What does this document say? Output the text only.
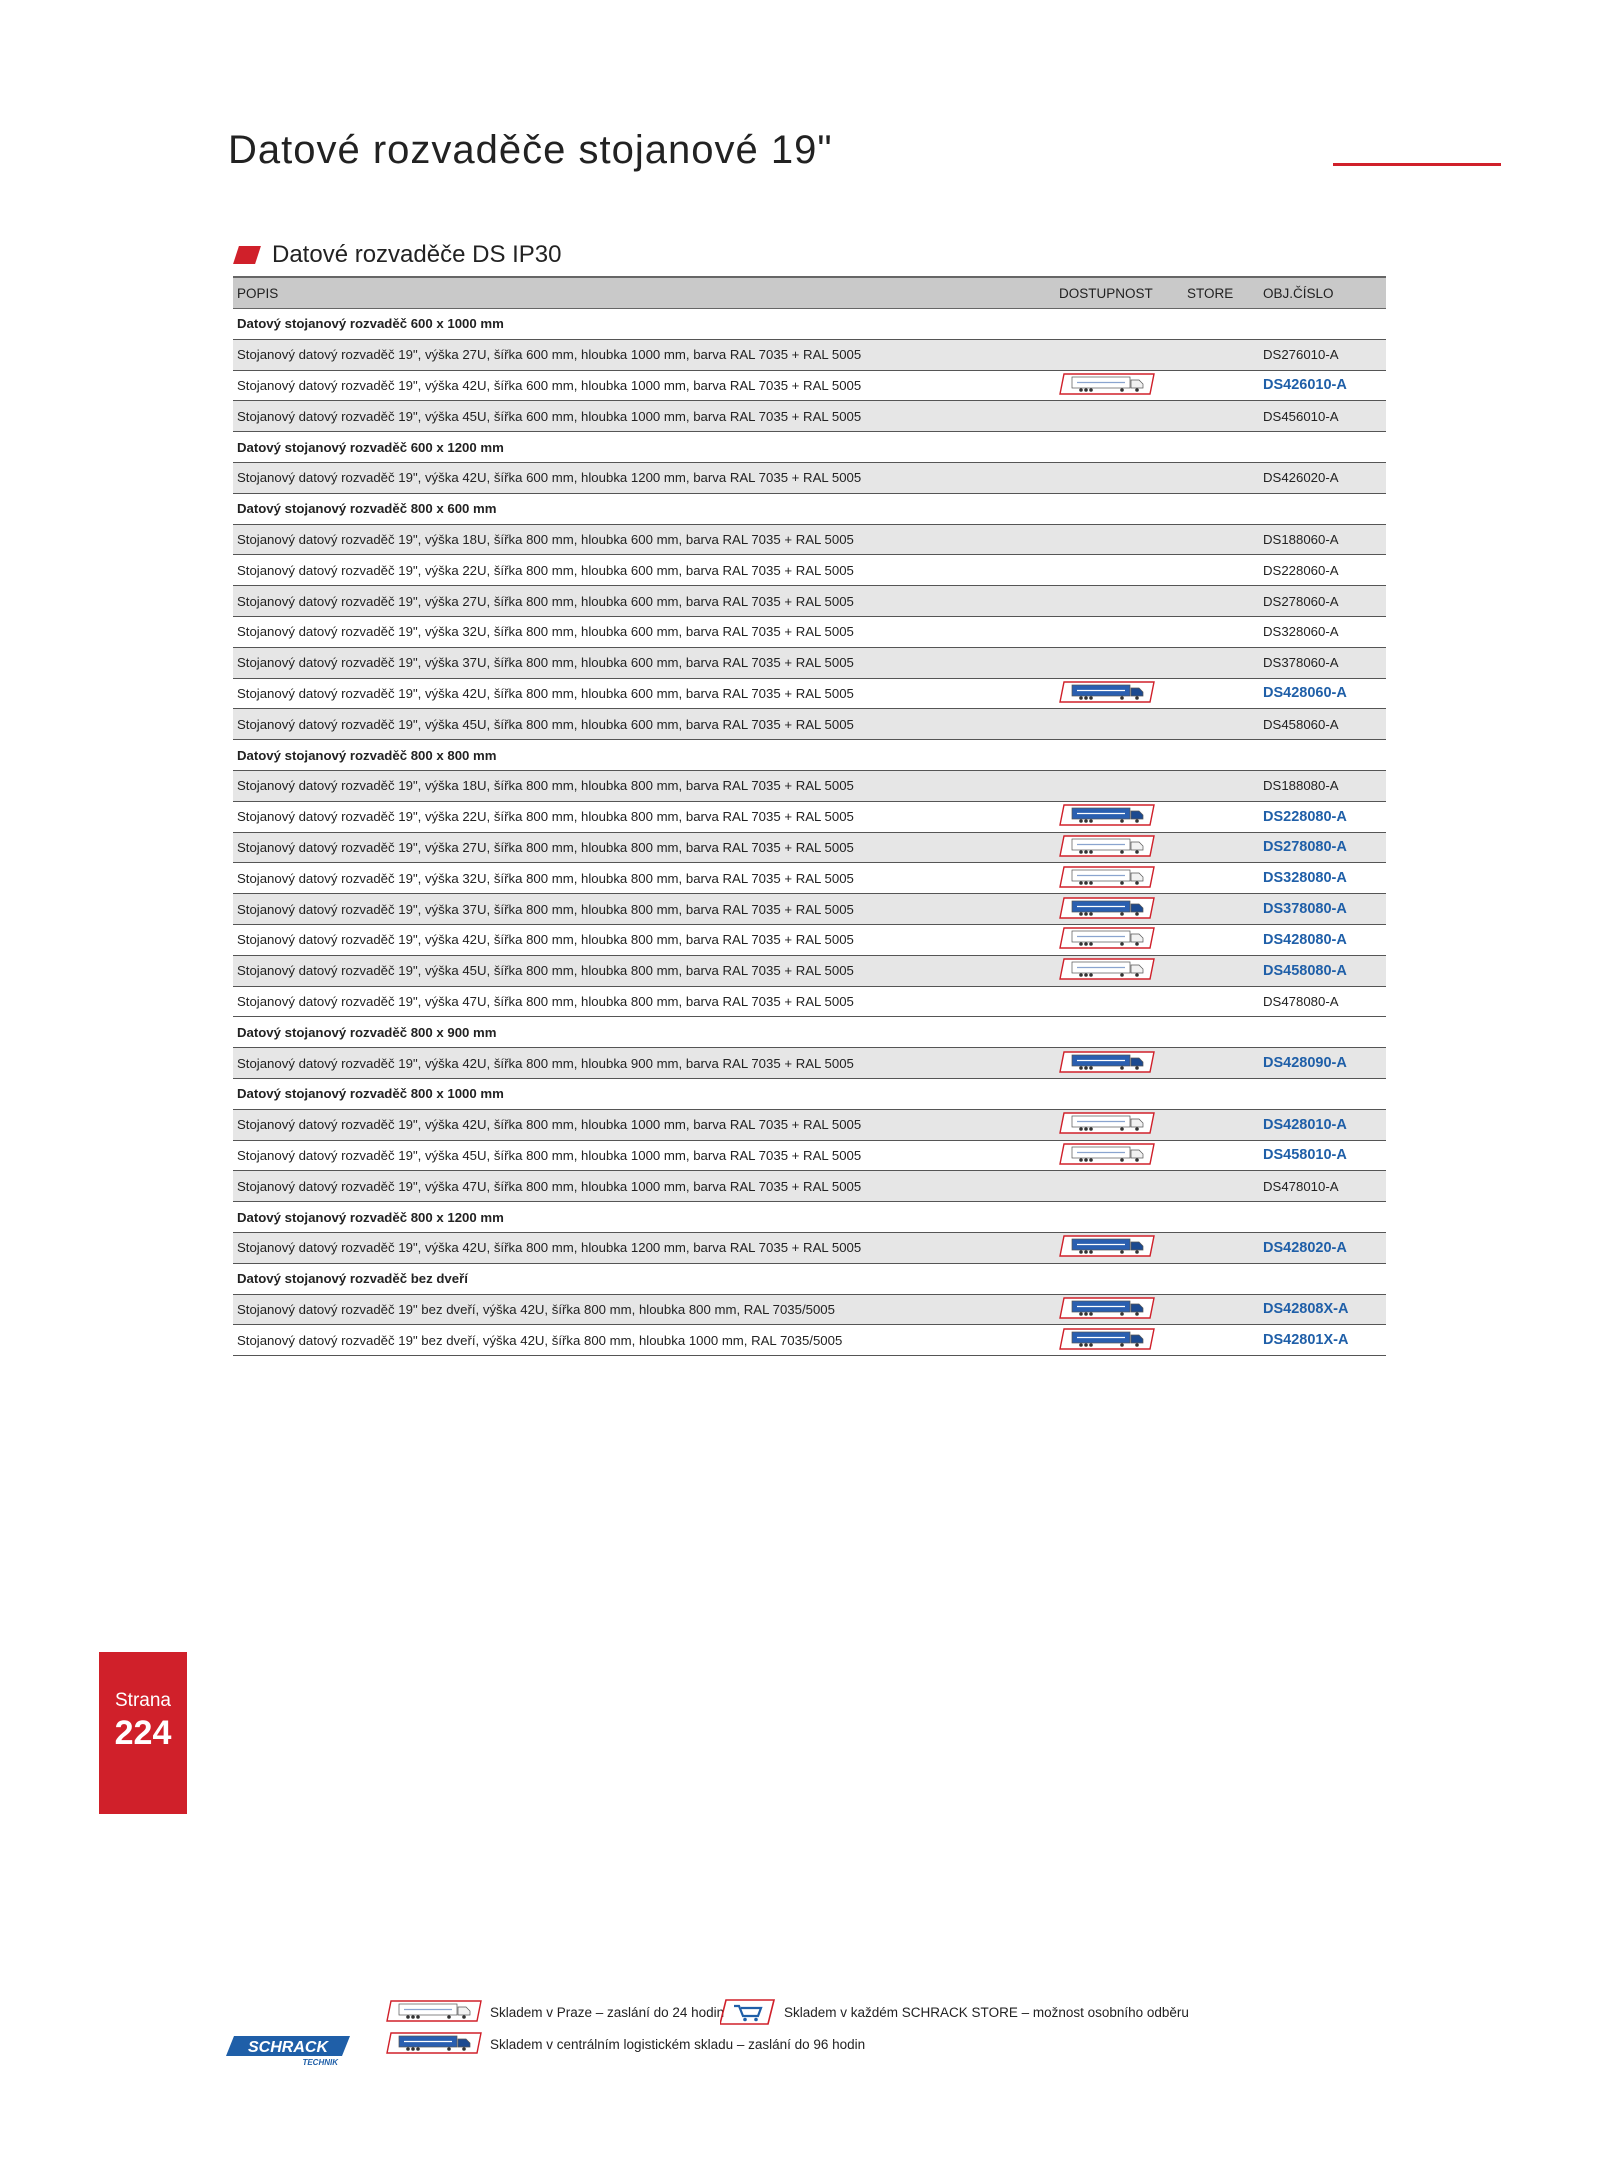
Datové rozvaděče stojanové 19"
Datové rozvaděče DS IP30
POPIS	DOSTUPNOST	STORE OBJ.ČÍSLO
Datový stojanový rozvaděč 600 x 1000 mm
Stojanový datový rozvaděč 19", výška 27U, šířka 600 mm, hloubka 1000 mm, barva RAL 7035 + RAL 5005	DS276010-A
Stojanový datový rozvaděč 19", výška 42U, šířka 600 mm, hloubka 1000 mm, barva RAL 7035 + RAL 5005	DS426010-A
Stojanový datový rozvaděč 19", výška 45U, šířka 600 mm, hloubka 1000 mm, barva RAL 7035 + RAL 5005	DS456010-A
Datový stojanový rozvaděč 600 x 1200 mm
Stojanový datový rozvaděč 19", výška 42U, šířka 600 mm, hloubka 1200 mm, barva RAL 7035 + RAL 5005	DS426020-A
Datový stojanový rozvaděč 800 x 600 mm
Stojanový datový rozvaděč 19", výška 18U, šířka 800 mm, hloubka 600 mm, barva RAL 7035 + RAL 5005	DS188060-A
Stojanový datový rozvaděč 19", výška 22U, šířka 800 mm, hloubka 600 mm, barva RAL 7035 + RAL 5005	DS228060-A
Stojanový datový rozvaděč 19", výška 27U, šířka 800 mm, hloubka 600 mm, barva RAL 7035 + RAL 5005	DS278060-A
Stojanový datový rozvaděč 19", výška 32U, šířka 800 mm, hloubka 600 mm, barva RAL 7035 + RAL 5005	DS328060-A
Stojanový datový rozvaděč 19", výška 37U, šířka 800 mm, hloubka 600 mm, barva RAL 7035 + RAL 5005	DS378060-A
Stojanový datový rozvaděč 19", výška 42U, šířka 800 mm, hloubka 600 mm, barva RAL 7035 + RAL 5005	DS428060-A
Stojanový datový rozvaděč 19", výška 45U, šířka 800 mm, hloubka 600 mm, barva RAL 7035 + RAL 5005	DS458060-A
Datový stojanový rozvaděč 800 x 800 mm
Stojanový datový rozvaděč 19", výška 18U, šířka 800 mm, hloubka 800 mm, barva RAL 7035 + RAL 5005	DS188080-A
Stojanový datový rozvaděč 19", výška 22U, šířka 800 mm, hloubka 800 mm, barva RAL 7035 + RAL 5005	DS228080-A
Stojanový datový rozvaděč 19", výška 27U, šířka 800 mm, hloubka 800 mm, barva RAL 7035 + RAL 5005	DS278080-A
Stojanový datový rozvaděč 19", výška 32U, šířka 800 mm, hloubka 800 mm, barva RAL 7035 + RAL 5005	DS328080-A
Stojanový datový rozvaděč 19", výška 37U, šířka 800 mm, hloubka 800 mm, barva RAL 7035 + RAL 5005	DS378080-A
Stojanový datový rozvaděč 19", výška 42U, šířka 800 mm, hloubka 800 mm, barva RAL 7035 + RAL 5005	DS428080-A
Stojanový datový rozvaděč 19", výška 45U, šířka 800 mm, hloubka 800 mm, barva RAL 7035 + RAL 5005	DS458080-A
Stojanový datový rozvaděč 19", výška 47U, šířka 800 mm, hloubka 800 mm, barva RAL 7035 + RAL 5005	DS478080-A
Datový stojanový rozvaděč 800 x 900 mm
Stojanový datový rozvaděč 19", výška 42U, šířka 800 mm, hloubka 900 mm, barva RAL 7035 + RAL 5005	DS428090-A
Datový stojanový rozvaděč 800 x 1000 mm
Stojanový datový rozvaděč 19", výška 42U, šířka 800 mm, hloubka 1000 mm, barva RAL 7035 + RAL 5005	DS428010-A
Stojanový datový rozvaděč 19", výška 45U, šířka 800 mm, hloubka 1000 mm, barva RAL 7035 + RAL 5005	DS458010-A
Stojanový datový rozvaděč 19", výška 47U, šířka 800 mm, hloubka 1000 mm, barva RAL 7035 + RAL 5005	DS478010-A
Datový stojanový rozvaděč 800 x 1200 mm
Stojanový datový rozvaděč 19", výška 42U, šířka 800 mm, hloubka 1200 mm, barva RAL 7035 + RAL 5005	DS428020-A
Datový stojanový rozvaděč bez dveří
Stojanový datový rozvaděč 19" bez dveří, výška 42U, šířka 800 mm, hloubka 800 mm, RAL 7035/5005	DS42808X-A
Stojanový datový rozvaděč 19" bez dveří, výška 42U, šířka 800 mm, hloubka 1000 mm, RAL 7035/5005	DS42801X-A
Strana
224
SCHRACK
TECHNIK
Skladem v Praze – zaslání do 24 hodin	Skladem v každém SCHRACK STORE – možnost osobního odběru
Skladem v centrálním logistickém skladu – zaslání do 96 hodin
